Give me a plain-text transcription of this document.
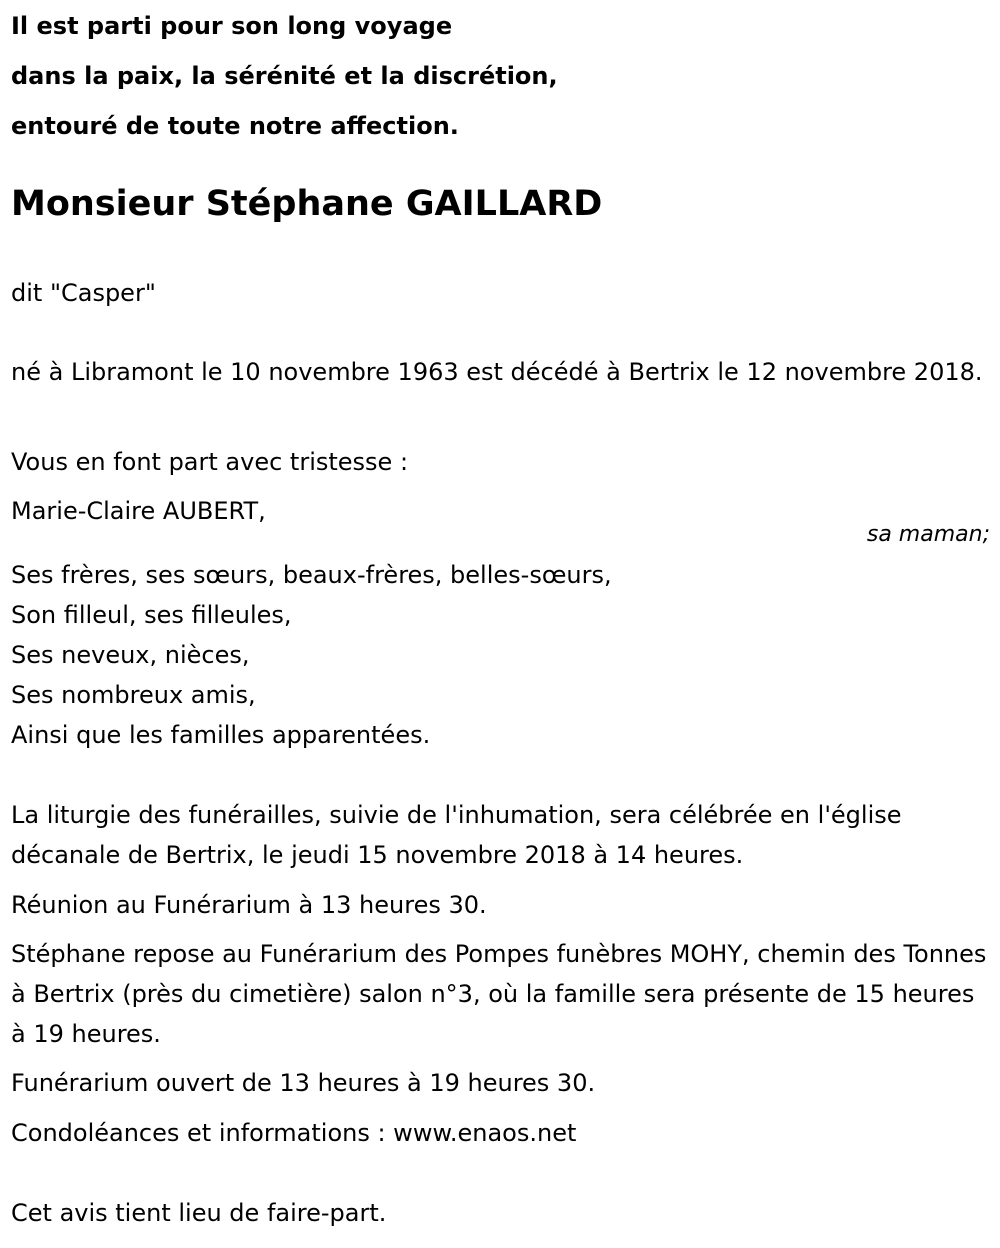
Il est parti pour son long voyage
dans la paix, la sérénité et la discrétion,
entouré de toute notre affection.
Monsieur Stéphane GAILLARD
dit "Casper"
né à Libramont le 10 novembre 1963 est décédé à Bertrix le 12 novembre 2018.
Vous en font part avec tristesse :
Marie-Claire AUBERT,
sa maman;
Ses frères, ses sœurs, beaux-frères, belles-sœurs,
Son filleul, ses filleules,
Ses neveux, nièces,
Ses nombreux amis,
Ainsi que les familles apparentées.
La liturgie des funérailles, suivie de l'inhumation, sera célébrée en l'église décanale de Bertrix, le jeudi 15 novembre 2018 à 14 heures.
Réunion au Funérarium à 13 heures 30.
Stéphane repose au Funérarium des Pompes funèbres MOHY, chemin des Tonnes à Bertrix (près du cimetière) salon n°3, où la famille sera présente de 15 heures à 19 heures.
Funérarium ouvert de 13 heures à 19 heures 30.
Condoléances et informations : www.enaos.net
Cet avis tient lieu de faire-part.
